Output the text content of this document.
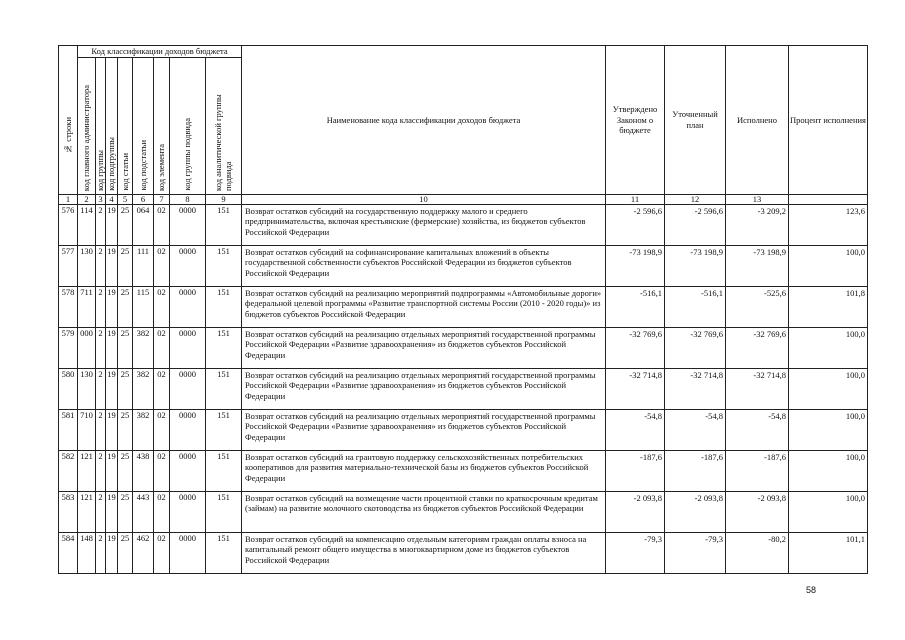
№ строки	Код классификации доходов бюджета								Наименование кода классификации доходов бюджета	Утверждено Законом о бюджете	Уточненный план	Исполнено	Процент исполнения

	код главного администратора	код группы	код подгруппы	код статьи	код подстатьи	код элемента	код группы подвида	код аналитической группы подвида					

1	2	3	4	5	6	7	8	9	10	11	12	13	
576	114	2	19	25	064	02	0000	151	Возврат остатков субсидий на государственную поддержку малого и среднего предпринимательства, включая крестьянские (фермерские) хозяйства, из бюджетов субъектов Российской Федерации	-2 596,6	-2 596,6	-3 209,2	123,6
577	130	2	19	25	111	02	0000	151	Возврат остатков субсидий на софинансирование капитальных вложений в объекты государственной собственности субъектов Российской Федерации из бюджетов субъектов Российской Федерации	-73 198,9	-73 198,9	-73 198,9	100,0
578	711	2	19	25	115	02	0000	151	Возврат остатков субсидий на реализацию мероприятий подпрограммы «Автомобильные дороги» федеральной целевой программы «Развитие транспортной системы России (2010 - 2020 годы)» из бюджетов субъектов Российской Федерации	-516,1	-516,1	-525,6	101,8
579	000	2	19	25	382	02	0000	151	Возврат остатков субсидий на реализацию отдельных мероприятий государственной программы Российской Федерации «Развитие здравоохранения» из бюджетов субъектов Российской Федерации	-32 769,6	-32 769,6	-32 769,6	100,0
580	130	2	19	25	382	02	0000	151	Возврат остатков субсидий на реализацию отдельных мероприятий государственной программы Российской Федерации «Развитие здравоохранения» из бюджетов субъектов Российской Федерации	-32 714,8	-32 714,8	-32 714,8	100,0
581	710	2	19	25	382	02	0000	151	Возврат остатков субсидий на реализацию отдельных мероприятий государственной программы Российской Федерации «Развитие здравоохранения» из бюджетов субъектов Российской Федерации	-54,8	-54,8	-54,8	100,0
582	121	2	19	25	438	02	0000	151	Возврат остатков субсидий на грантовую поддержку сельскохозяйственных потребительских кооперативов для развития материально-технической базы из бюджетов субъектов Российской Федерации	-187,6	-187,6	-187,6	100,0
583	121	2	19	25	443	02	0000	151	Возврат остатков субсидий на возмещение части процентной ставки по краткосрочным кредитам (займам) на развитие молочного скотоводства из бюджетов субъектов Российской Федерации	-2 093,8	-2 093,8	-2 093,8	100,0
584	148	2	19	25	462	02	0000	151	Возврат остатков субсидий на компенсацию отдельным категориям граждан оплаты взноса на капитальный ремонт общего имущества в многоквартирном доме из бюджетов субъектов Российской Федерации	-79,3	-79,3	-80,2	101,1
58
